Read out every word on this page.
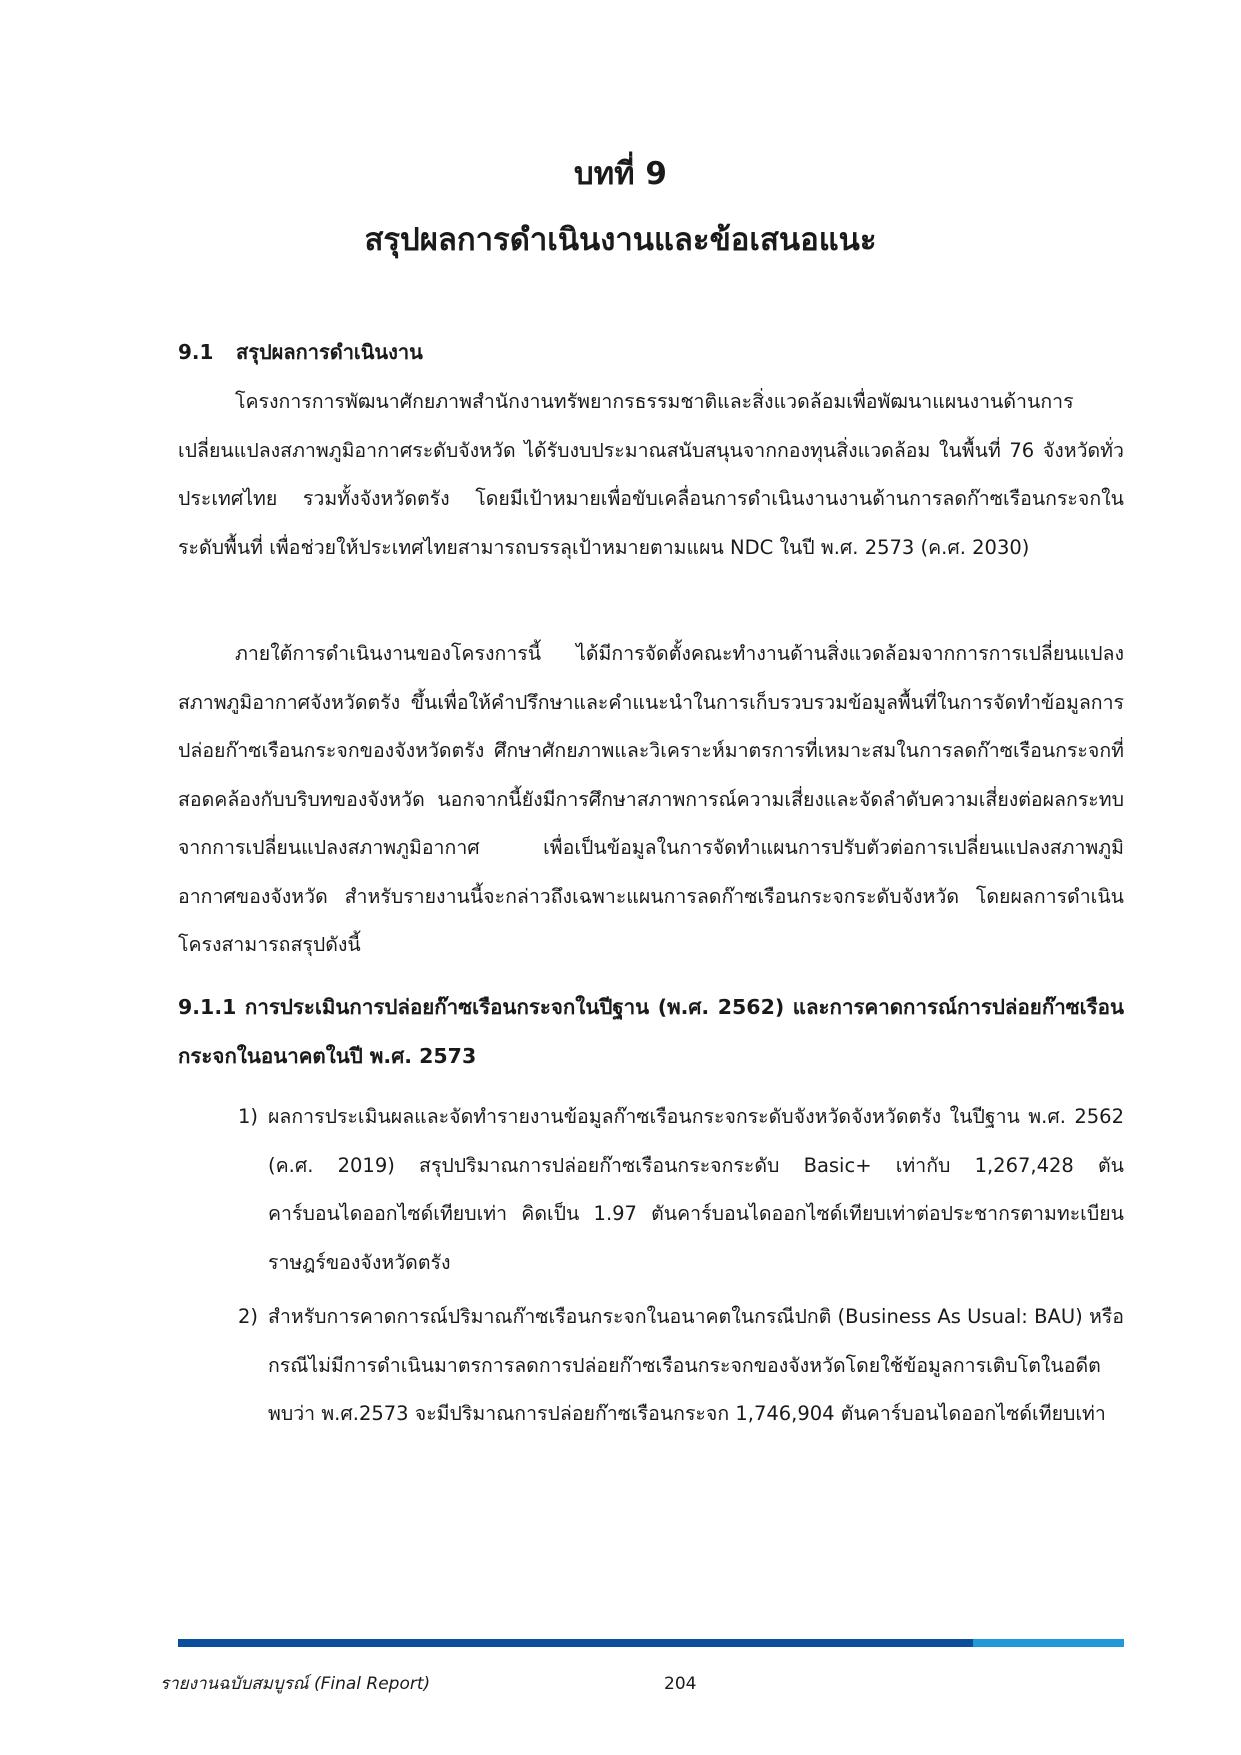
บทที่ 9
สรุปผลการดำเนินงานและข้อเสนอแนะ
9.1 สรุปผลการดำเนินงาน

โครงการการพัฒนาศักยภาพสำนักงานทรัพยากรธรรมชาติและสิ่งแวดล้อมเพื่อพัฒนาแผนงานด้านการเปลี่ยนแปลงสภาพภูมิอากาศระดับจังหวัด ได้รับงบประมาณสนับสนุนจากกองทุนสิ่งแวดล้อม ในพื้นที่ 76 จังหวัดทั่วประเทศไทย รวมทั้งจังหวัดตรัง โดยมีเป้าหมายเพื่อขับเคลื่อนการดำเนินงานงานด้านการลดก๊าซเรือนกระจกในระดับพื้นที่ เพื่อช่วยให้ประเทศไทยสามารถบรรลุเป้าหมายตามแผน NDC ในปี พ.ศ. 2573 (ค.ศ. 2030)

ภายใต้การดำเนินงานของโครงการนี้ ได้มีการจัดตั้งคณะทำงานด้านสิ่งแวดล้อมจากการการเปลี่ยนแปลงสภาพภูมิอากาศจังหวัดตรัง ขึ้นเพื่อให้คำปรึกษาและคำแนะนำในการเก็บรวบรวมข้อมูลพื้นที่ในการจัดทำข้อมูลการปล่อยก๊าซเรือนกระจกของจังหวัดตรัง ศึกษาศักยภาพและวิเคราะห์มาตรการที่เหมาะสมในการลดก๊าซเรือนกระจกที่สอดคล้องกับบริบทของจังหวัด นอกจากนี้ยังมีการศึกษาสภาพการณ์ความเสี่ยงและจัดลำดับความเสี่ยงต่อผลกระทบจากการเปลี่ยนแปลงสภาพภูมิอากาศ เพื่อเป็นข้อมูลในการจัดทำแผนการปรับตัวต่อการเปลี่ยนแปลงสภาพภูมิอากาศของจังหวัด สำหรับรายงานนี้จะกล่าวถึงเฉพาะแผนการลดก๊าซเรือนกระจกระดับจังหวัด โดยผลการดำเนินโครงสามารถสรุปดังนี้

9.1.1 การประเมินการปล่อยก๊าซเรือนกระจกในปีฐาน (พ.ศ. 2562) และการคาดการณ์การปล่อยก๊าซเรือนกระจกในอนาคตในปี พ.ศ. 2573
1) ผลการประเมินผลและจัดทำรายงานข้อมูลก๊าซเรือนกระจกระดับจังหวัดจังหวัดตรัง ในปีฐาน พ.ศ. 2562 (ค.ศ. 2019) สรุปปริมาณการปล่อยก๊าซเรือนกระจกระดับ Basic+ เท่ากับ 1,267,428 ตันคาร์บอนไดออกไซด์เทียบเท่า คิดเป็น 1.97 ตันคาร์บอนไดออกไซด์เทียบเท่าต่อประชากรตามทะเบียนราษฎร์ของจังหวัดตรัง
2) สำหรับการคาดการณ์ปริมาณก๊าซเรือนกระจกในอนาคตในกรณีปกติ (Business As Usual: BAU) หรือกรณีไม่มีการดำเนินมาตรการลดการปล่อยก๊าซเรือนกระจกของจังหวัดโดยใช้ข้อมูลการเติบโตในอดีตพบว่า พ.ศ.2573 จะมีปริมาณการปล่อยก๊าซเรือนกระจก 1,746,904 ตันคาร์บอนไดออกไซด์เทียบเท่า
รายงานฉบับสมบูรณ์ (Final Report)	204
